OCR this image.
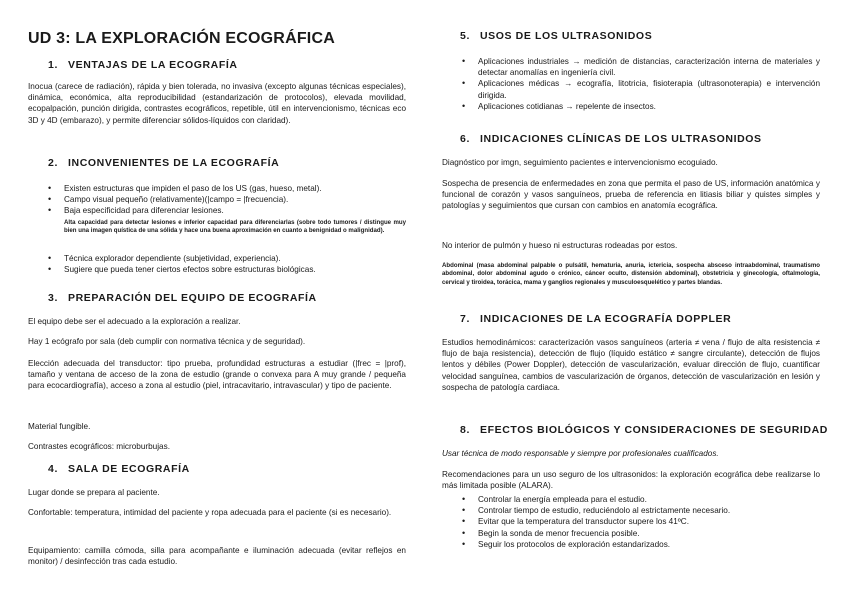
UD 3: LA EXPLORACIÓN ECOGRÁFICA
1. VENTAJAS DE LA ECOGRAFÍA

Inocua (carece de radiación), rápida y bien tolerada, no invasiva (excepto algunas técnicas especiales), dinámica, económica, alta reproducibilidad (estandarización de protocolos), elevada movilidad, ecopalpación, punción dirigida, contrastes ecográficos, repetible, útil en intervencionismo, técnicas eco 3D y 4D (embarazo), y permite diferenciar sólidos-líquidos con claridad).

2. INCONVENIENTES DE LA ECOGRAFÍA
• Existen estructuras que impiden el paso de los US (gas, hueso, metal).
• Campo visual pequeño (relativamente)(|campo = |frecuencia).
• Baja especificidad para diferenciar lesiones.

Alta capacidad para detectar lesiones e inferior capacidad para diferenciarlas (sobre todo tumores / distingue muy bien una imagen quística de una sólida y hace una buena aproximación en cuanto a benignidad o malignidad).

• Técnica explorador dependiente (subjetividad, experiencia).
• Sugiere que pueda tener ciertos efectos sobre estructuras biológicas.
3. PREPARACIÓN DEL EQUIPO DE ECOGRAFÍA

El equipo debe ser el adecuado a la exploración a realizar.

Hay 1 ecógrafo por sala (deb cumplir con normativa técnica y de seguridad).

Elección adecuada del transductor: tipo prueba, profundidad estructuras a estudiar (|frec = |prof), tamaño y ventana de acceso de la zona de estudio (grande o convexa para A muy grande / pequeña para ecocardiografía), acceso a zona al estudio (piel, intracavitario, intravascular) y tipo de paciente.

Material fungible.

Contrastes ecográficos: microburbujas.

4. SALA DE ECOGRAFÍA

Lugar donde se prepara al paciente.

Confortable: temperatura, intimidad del paciente y ropa adecuada para el paciente (si es necesario).

Equipamiento: camilla cómoda, silla para acompañante e iluminación adecuada (evitar reflejos en monitor) / desinfección tras cada estudio.

5. USOS DE LOS ULTRASONIDOS
• Aplicaciones industriales → medición de distancias, caracterización interna de materiales y detectar anomalías en ingeniería civil.
• Aplicaciones médicas → ecografía, litotricia, fisioterapia (ultrasonoterapia) e intervención dirigida.
• Aplicaciones cotidianas → repelente de insectos.
6. INDICACIONES CLÍNICAS DE LOS ULTRASONIDOS

Diagnóstico por imgn, seguimiento pacientes e intervencionismo ecoguiado.

Sospecha de presencia de enfermedades en zona que permita el paso de US, información anatómica y funcional de corazón y vasos sanguíneos, prueba de referencia en litiasis biliar y quistes simples y patologías y seguimientos que cursan con cambios en anatomía ecográfica.

No interior de pulmón y hueso ni estructuras rodeadas por estos.

Abdominal (masa abdominal palpable o pulsátil, hematuria, anuria, ictericia, sospecha absceso intraabdominal, traumatismo abdominal, dolor abdominal agudo o crónico, cáncer oculto, distensión abdominal), obstetricia y ginecología, oftalmología, cervical y tiroidea, torácica, mama y ganglios regionales y musculoesquelético y partes blandas.

7. INDICACIONES DE LA ECOGRAFÍA DOPPLER

Estudios hemodinámicos: caracterización vasos sanguíneos (arteria ≠ vena / flujo de alta resistencia ≠ flujo de baja resistencia), detección de flujo (líquido estático ≠ sangre circulante), detección de flujos lentos y débiles (Power Doppler), detección de vascularización, evaluar dirección de flujo, cuantificar velocidad sanguínea, cambios de vascularización de órganos, detección de vascularización en lesión y sospecha de patología cardiaca.

8. EFECTOS BIOLÓGICOS Y CONSIDERACIONES DE SEGURIDAD

Usar técnica de modo responsable y siempre por profesionales cualificados.

Recomendaciones para un uso seguro de los ultrasonidos: la exploración ecográfica debe realizarse lo más limitada posible (ALARA).

• Controlar la energía empleada para el estudio.
• Controlar tiempo de estudio, reduciéndolo al estrictamente necesario.
• Evitar que la temperatura del transductor supere los 41ºC.
• Begin la sonda de menor frecuencia posible.
• Seguir los protocolos de exploración estandarizados.
